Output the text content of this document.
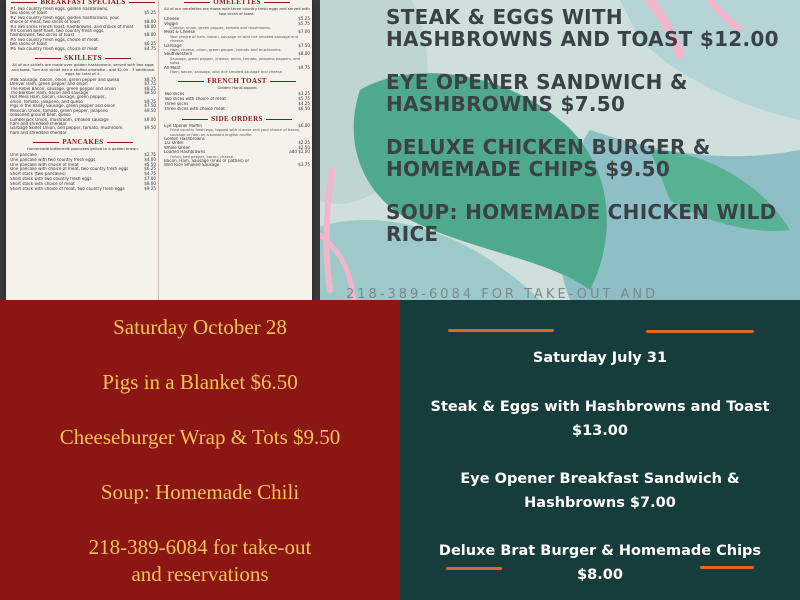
BREAKFAST SPECIALS
#1 Two country fresh eggs, golden hashbrowns,
two slices of toast	$5.25
#2 Two country fresh eggs, golden hashbrowns, your
choice of meat, two slices of toast	$8.00
#3 Two slices French toast, hashbrowns, and choice of meat	$8.00
#4 Corned beef hash, two country fresh eggs,
hashbrowns, two slices of toast	$8.00
#5 Two country fresh eggs, choice of meat,
two slices of toast	$6.25
#6 Two country fresh eggs, choice of meat	$4.75
SKILLETS
All of our skillets are made over golden hashbrowns, served with two eggs and toast. Turn any skillet into a stuffed omelette - add $2.00 - 3 additional eggs for total of 4.
#88 Sausage, bacon, onion, green pepper and queso	$8.75
Denver Ham, green pepper and onion	$7.75
The Rebel Bacon, sausage, green pepper and onion	$8.25
The Bomber Ham, bacon and sausage	$8.50
Hot Mess Ham, bacon, sausage, green pepper,
onion, tomato, jalapeno, and queso	$9.75
Pigs in the Valley Sausage, green pepper and onion	$7.50
Mexican Onion, tomato, green pepper, jalapeno	$9.50
seasoned ground beef, queso
Lumberjack Onion, mushroom, smoked sausage	$9.00
ham and shredded cheddar
Garbage Skillet Onion, bell pepper, tomato, mushroom,	$9.50
ham and shredded cheddar
PANCAKES
Homemade buttermilk pancakes grilled to a golden brown.
One pancake	$2.75
One pancake with two country fresh eggs	$4.00
One pancake with choice of meat	$5.50
One pancake with choice of meat, two country fresh eggs	$6.25
Short stack (two pancakes)	$4.75
Short stack with two country fresh eggs	$7.00
Short stack with choice of meat	$8.00
Short stack with choice of meat, two country fresh eggs	$9.25
OMELETTES
All of our omelettes are made with three country fresh eggs and served with two slices of toast.
Cheese	$5.25
Veggie	$5.75
Cheese, onion, green pepper, tomato and mushrooms.
Meat & Cheese	$7.00
Your choice of ham, bacon, sausage or wild rice smoked sausage and cheese.
Garbage	$7.50
Ham, cheese, onion, green pepper, tomato and mushrooms.
Southwestern	$8.00
Sausage, green pepper, cheese, onion, tomato, jalapeno peppers, and salsa.
All Meat	$9.75
Ham, bacon, sausage, wild rice smoked sausage and cheese.
FRENCH TOAST
Golden Hand-dipped
Two slices	$3.25
Two slices with choice of meat	$5.75
Three slices	$4.25
Three slices with choice meat	$6.50
SIDE ORDERS
Eye Opener Muffin	$6.00
Fried country fresh egg, topped with cheese and your choice of bacon, sausage or ham on a toasted english muffin.
Golden Hashbrowns
1/2 Order	$2.25
Whole Order	$2.50
Loaded Hashbrowns	add $2.00
Onion, bell pepper, bacon, cheese.
Bacon, Ham, Sausage (links or patties) or
Wild Rice Smoked Sausage	$3.75
STEAK & EGGS WITH HASHBROWNS AND TOAST $12.00
EYE OPENER SANDWICH & HASHBROWNS $7.50
DELUXE CHICKEN BURGER & HOMEMADE CHIPS $9.50
SOUP: HOMEMADE CHICKEN WILD RICE
218-389-6084 FOR TAKE-OUT AND
Saturday October 28
Pigs in a Blanket $6.50
Cheeseburger Wrap & Tots $9.50
Soup: Homemade Chili
218-389-6084 for take-out
and reservations
Saturday July 31
Steak & Eggs with Hashbrowns and Toast
$13.00
Eye Opener Breakfast Sandwich &
Hashbrowns $7.00
Deluxe Brat Burger & Homemade Chips
$8.00
